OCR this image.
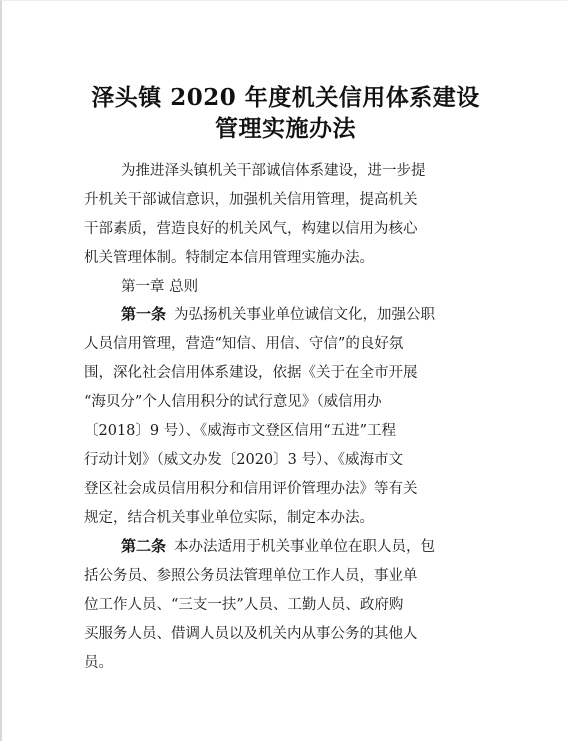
泽头镇 2020 年度机关信用体系建设
管理实施办法
为推进泽头镇机关干部诚信体系建设，进一步提
升机关干部诚信意识，加强机关信用管理，提高机关
干部素质，营造良好的机关风气，构建以信用为核心
机关管理体制。特制定本信用管理实施办法。
第一章 总则
第一条 为弘扬机关事业单位诚信文化，加强公职
人员信用管理，营造“知信、用信、守信”的良好氛
围，深化社会信用体系建设，依据《关于在全市开展
“海贝分”个人信用积分的试行意见》（威信用办
〔2018〕9 号）、《威海市文登区信用“五进”工程
行动计划》（威文办发〔2020〕3 号）、《威海市文
登区社会成员信用积分和信用评价管理办法》等有关
规定，结合机关事业单位实际，制定本办法。
第二条 本办法适用于机关事业单位在职人员，包
括公务员、参照公务员法管理单位工作人员，事业单
位工作人员、“三支一扶”人员、工勤人员、政府购
买服务人员、借调人员以及机关内从事公务的其他人
员。
